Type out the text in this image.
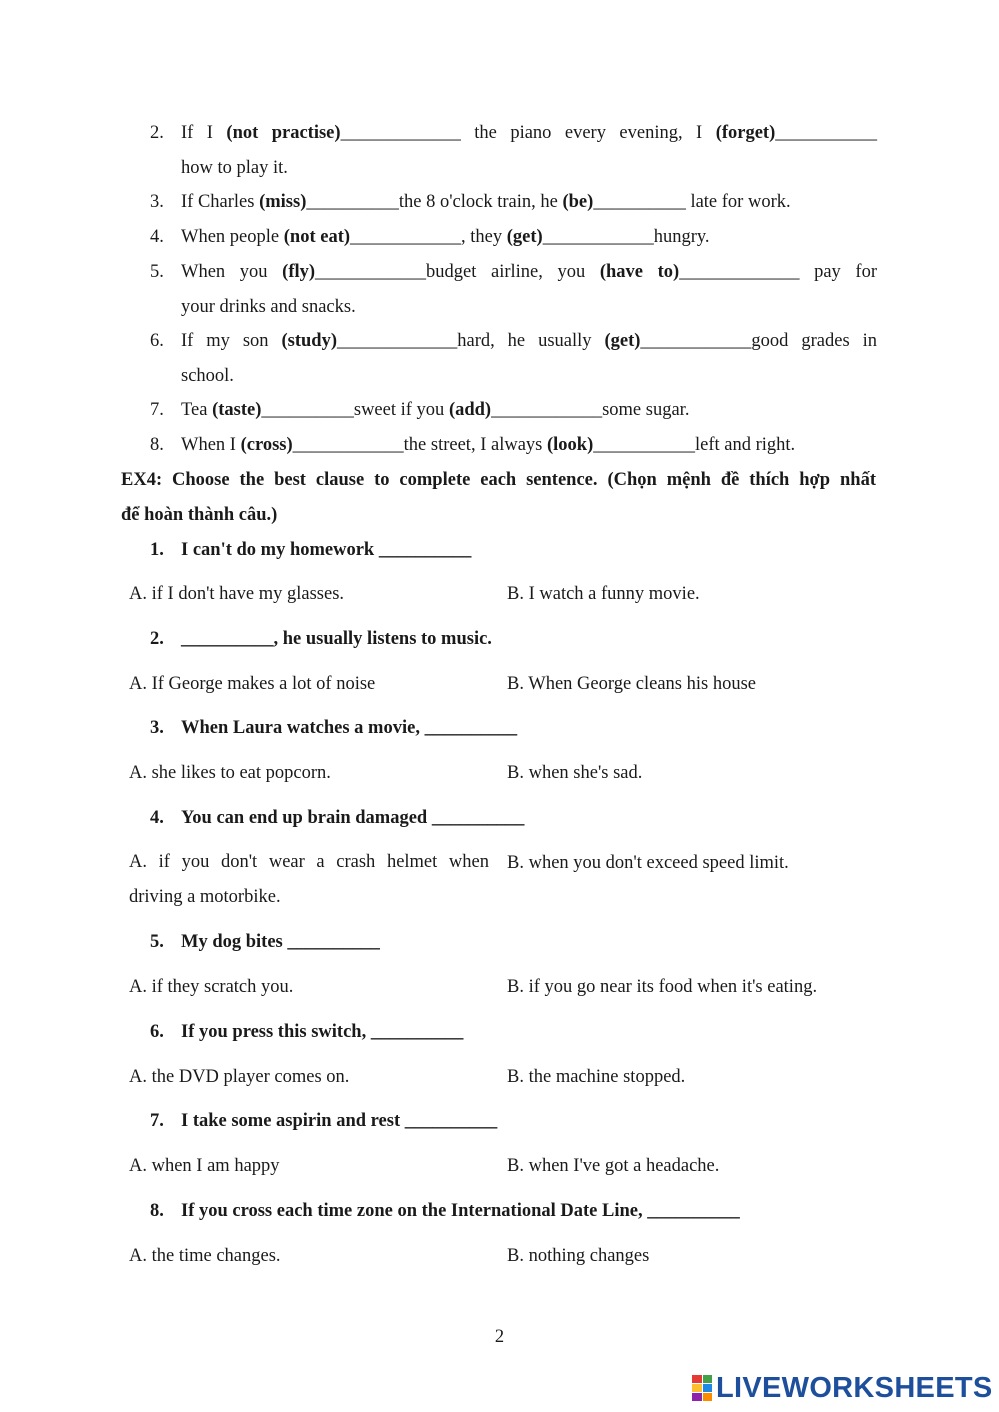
2. If I (not practise)_____________ the piano every evening, I (forget)___________
how to play it.
3. If Charles (miss)__________the 8 o'clock train, he (be)__________ late for work.
4. When people (not eat)____________, they (get)____________hungry.
5. When you (fly)____________budget airline, you (have to)_____________ pay for
your drinks and snacks.
6. If my son (study)_____________hard, he usually (get)____________good grades in
school.
7. Tea (taste)__________sweet if you (add)____________some sugar.
8. When I (cross)____________the street, I always (look)___________left and right.
EX4: Choose the best clause to complete each sentence. (Chọn mệnh đề thích hợp nhất
để hoàn thành câu.)
1. I can't do my homework __________
A. if I don't have my glasses.	B. I watch a funny movie.
2. __________, he usually listens to music.
A. If George makes a lot of noise	B. When George cleans his house
3. When Laura watches a movie, __________
A. she likes to eat popcorn.	B. when she's sad.
4. You can end up brain damaged __________
A. if you don't wear a crash helmet when driving a motorbike.
B. when you don't exceed speed limit.
5. My dog bites __________
A. if they scratch you.	B. if you go near its food when it's eating.
6. If you press this switch, __________
A. the DVD player comes on.	B. the machine stopped.
7. I take some aspirin and rest __________
A. when I am happy	B. when I've got a headache.
8. If you cross each time zone on the International Date Line, __________
A. the time changes.	B. nothing changes
2
LIVEWORKSHEETS
